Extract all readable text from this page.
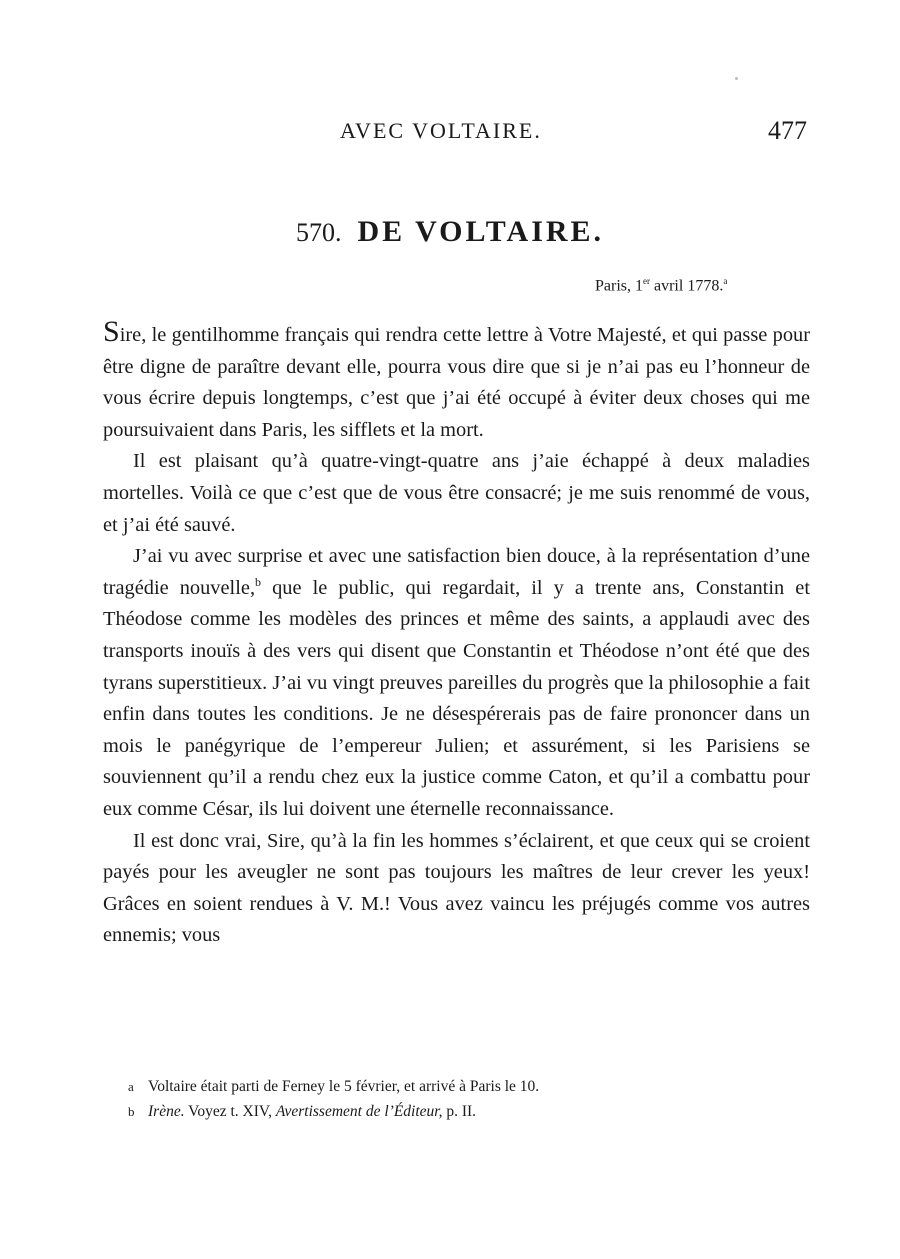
AVEC VOLTAIRE.	477
570. DE VOLTAIRE.
Paris, 1er avril 1778.$^a$

Sire, le gentilhomme français qui rendra cette lettre à Votre Majesté, et qui passe pour être digne de paraître devant elle, pourra vous dire que si je n’ai pas eu l’honneur de vous écrire depuis longtemps, c’est que j’ai été occupé à éviter deux choses qui me poursuivaient dans Paris, les sifflets et la mort.

Il est plaisant qu’à quatre-vingt-quatre ans j’aie échappé à deux maladies mortelles. Voilà ce que c’est que de vous être consacré; je me suis renommé de vous, et j’ai été sauvé.

J’ai vu avec surprise et avec une satisfaction bien douce, à la représentation d’une tragédie nouvelle,$^b$ que le public, qui regardait, il y a trente ans, Constantin et Théodose comme les modèles des princes et même des saints, a applaudi avec des transports inouïs à des vers qui disent que Constantin et Théodose n’ont été que des tyrans superstitieux. J’ai vu vingt preuves pareilles du progrès que la philosophie a fait enfin dans toutes les conditions. Je ne désespérerais pas de faire prononcer dans un mois le panégyrique de l’empereur Julien; et assurément, si les Parisiens se souviennent qu’il a rendu chez eux la justice comme Caton, et qu’il a combattu pour eux comme César, ils lui doivent une éternelle reconnaissance.

Il est donc vrai, Sire, qu’à la fin les hommes s’éclairent, et que ceux qui se croient payés pour les aveugler ne sont pas toujours les maîtres de leur crever les yeux! Grâces en soient rendues à V. M.! Vous avez vaincu les préjugés comme vos autres ennemis; vous

a Voltaire était parti de Ferney le 5 février, et arrivé à Paris le 10.
b Irène. Voyez t. XIV, Avertissement de l’Éditeur, p. II.
